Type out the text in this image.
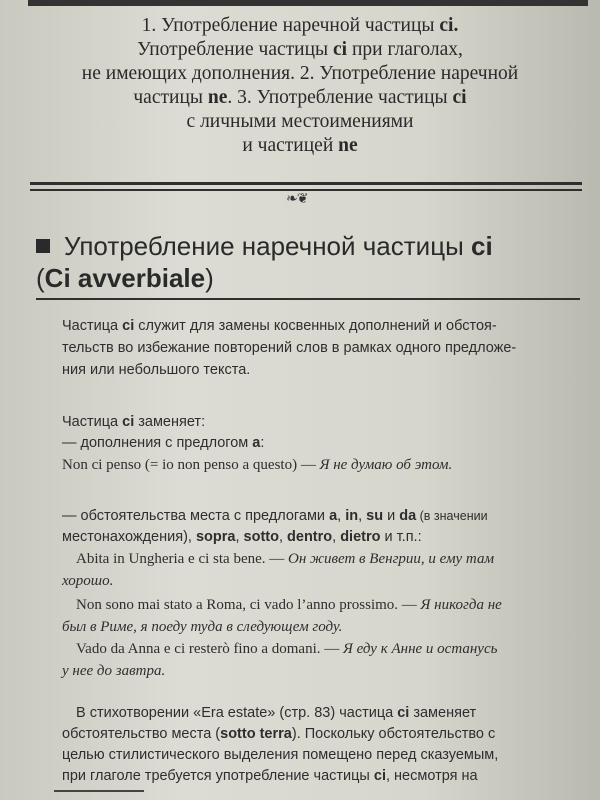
1. Употребление наречной частицы ci.
Употребление частицы ci при глаголах,
не имеющих дополнения. 2. Употребление наречной
частицы ne. 3. Употребление частицы ci
с личными местоимениями
и частицей ne
❧❦
Употребление наречной частицы ci
(Ci avverbiale)
Частица ci служит для замены косвенных дополнений и обстоя-
тельств во избежание повторений слов в рамках одного предложе-
ния или небольшого текста.
Частица ci заменяет:
— дополнения с предлогом a:
Non ci penso (= io non penso a questo) — Я не думаю об этом.
— обстоятельства места с предлогами a, in, su и da (в значении
местонахождения), sopra, sotto, dentro, dietro и т.п.:
Abita in Ungheria e ci sta bene. — Он живет в Венгрии, и ему там
хорошо.
Non sono mai stato a Roma, ci vado l’anno prossimo. — Я никогда не
был в Риме, я поеду туда в следующем году.
Vado da Anna e ci resterò fino a domani. — Я еду к Анне и останусь
у нее до завтра.
В стихотворении «Era estate» (стр. 83) частица ci заменяет
обстоятельство места (sotto terra). Поскольку обстоятельство с
целью стилистического выделения помещено перед сказуемым,
при глаголе требуется употребление частицы ci, несмотря на
